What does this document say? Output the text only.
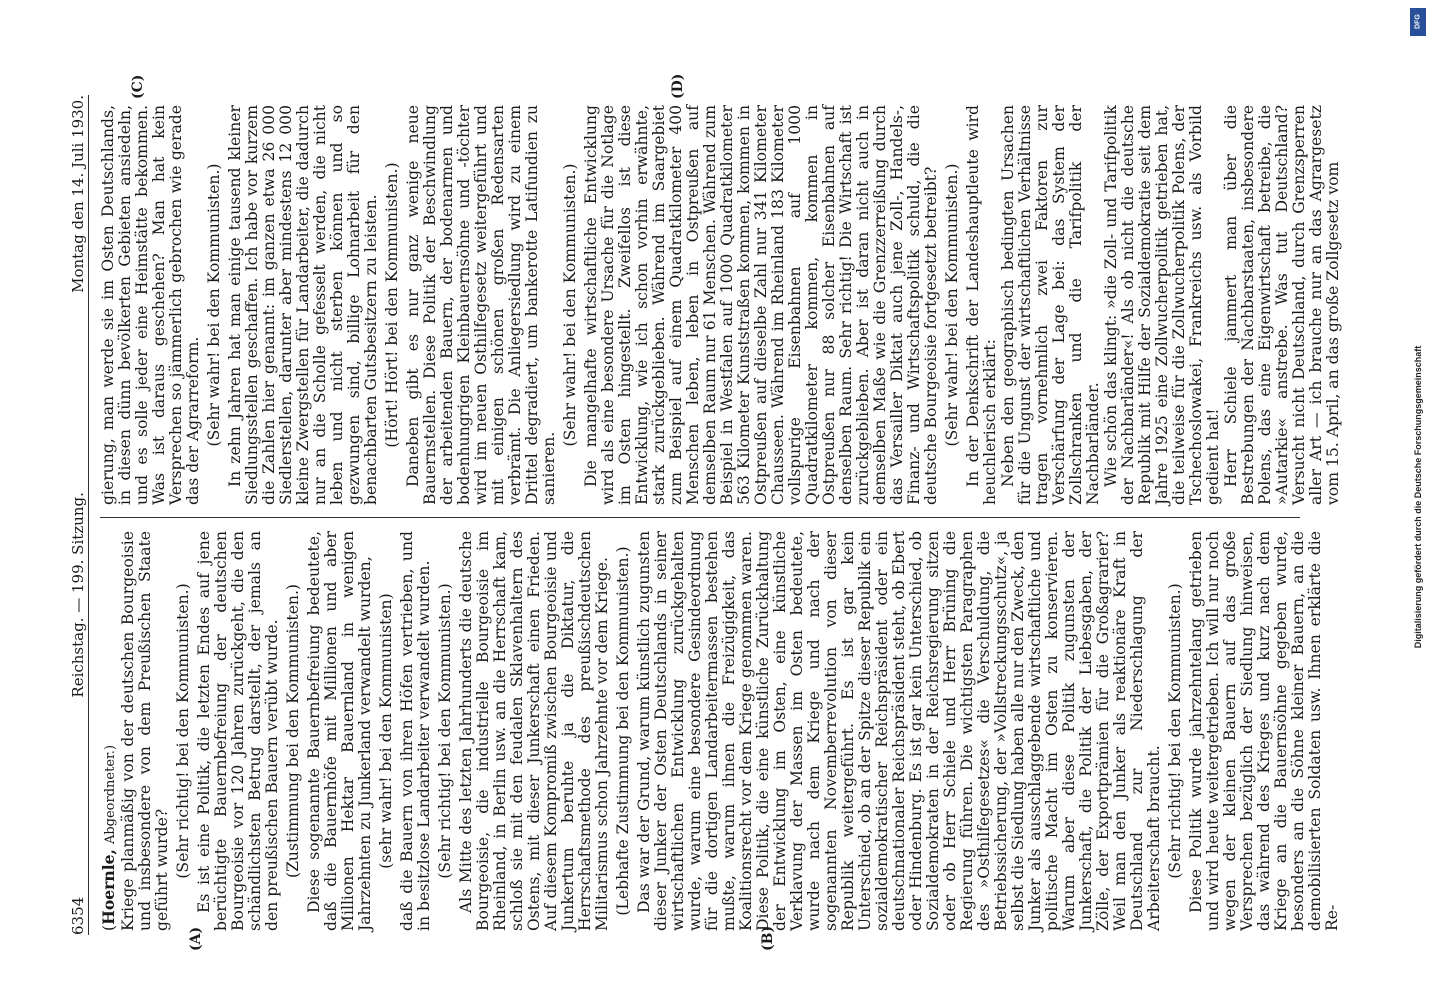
6354
Reichstag. — 199. Sitzung.
Montag den 14. Juli 1930.
(A)	(B)
(C)	(D)

(Hoernle, Abgeordneter.) Kriege planmäßig von der deutschen Bourgeoisie und insbesondere von dem Preußischen Staate geführt wurde? (Sehr richtig! bei den Kommunisten.) Es ist eine Politik, die letzten Endes auf jene berüchtigte Bauernbefreiung der deutschen Bourgeoisie vor 120 Jahren zurückgeht, die den schändlichsten Betrug darstellt, der jemals an den preußischen Bauern verübt wurde. (Zustimmung bei den Kommunisten.) Diese sogenannte Bauernbefreiung bedeutete, daß die Bauernhöfe mit Millionen und aber Millionen Hektar Bauernland in wenigen Jahrzehnten zu Junkerland verwandelt wurden, (sehr wahr! bei den Kommunisten) daß die Bauern von ihren Höfen vertrieben, und in besitzlose Landarbeiter verwandelt wurden. (Sehr richtig! bei den Kommunisten.) Als Mitte des letzten Jahrhunderts die deutsche Bourgeoisie, die industrielle Bourgeoisie im Rheinland, in Berlin usw. an die Herrschaft kam, schloß sie mit den feudalen Sklavenhaltern des Ostens, mit dieser Junkerschaft einen Frieden. Auf diesem Kompromiß zwischen Bourgeoisie und Junkertum beruhte ja die Diktatur, die Herrschaftsmethode des preußischdeutschen Militarismus schon Jahrzehnte vor dem Kriege. (Lebhafte Zustimmung bei den Kommunisten.) Das war der Grund, warum künstlich zugunsten dieser Junker der Osten Deutschlands in seiner wirtschaftlichen Entwicklung zurückgehalten wurde, warum eine besondere Gesindeordnung für die dortigen Landarbeitermassen bestehen mußte, warum ihnen die Freizügigkeit, das Koalitionsrecht vor dem Kriege genommen waren. Diese Politik, die eine künstliche Zurückhaltung der Entwicklung im Osten, eine künstliche Verklavung der Massen im Osten bedeutete, wurde nach dem Kriege und nach der sogenannten Novemberrevolution von dieser Republik weitergeführt. Es ist gar kein Unterschied, ob an der Spitze dieser Republik ein sozialdemokratischer Reichspräsident oder ein deutschnationaler Reichspräsident steht, ob Ebert oder Hindenburg. Es ist gar kein Unterschied, ob Sozialdemokraten in der Reichsregierung sitzen oder ob Herr Schiele und Herr Brüning die Regierung führen. Die wichtigsten Paragraphen des »Osthilfegesetzes« die Verschuldung, die Betriebssicherung, der »Vollstreckungsschutz«, ja selbst die Siedlung haben alle nur den Zweck, den Junker als ausschlaggebende wirtschaftliche und politische Macht im Osten zu konservieren. Warum aber diese Politik zugunsten der Junkerschaft, die Politik der Liebesgaben, der Zölle, der Exportprämien für die Großagrarier? Weil man den Junker als reaktionäre Kraft in Deutschland zur Niederschlagung der Arbeiterschaft braucht. (Sehr richtig! bei den Kommunisten.) Diese Politik wurde jahrzehntelang getrieben und wird heute weitergetrieben. Ich will nur noch wegen der kleinen Bauern auf das große Versprechen bezüglich der Siedlung hinweisen, das während des Krieges und kurz nach dem Kriege an die Bauernsöhne gegeben wurde, besonders an die Söhne kleiner Bauern, an die demobilisierten Soldaten usw. Ihnen erklärte die Re-

gierung, man werde sie im Osten Deutschlands, in diesen dünn bevölkerten Gebieten ansiedeln, und es solle jeder eine Heimstätte bekommen. Was ist daraus geschehen? Man hat kein Versprechen so jämmerlich gebrochen wie gerade das der Agrarreform. (Sehr wahr! bei den Kommunisten.) In zehn Jahren hat man einige tausend kleiner Siedlungsstellen geschaffen. Ich habe vor kurzem die Zahlen hier genannt: im ganzen etwa 26 000 Siedlerstellen, darunter aber mindestens 12 000 kleine Zwergstellen für Landarbeiter, die dadurch nur an die Scholle gefesselt werden, die nicht leben und nicht sterben können und so gezwungen sind, billige Lohnarbeit für den benachbarten Gutsbesitzern zu leisten. (Hört! Hört! bei den Kommunisten.) Daneben gibt es nur ganz wenige neue Bauernstellen. Diese Politik der Beschwindlung der arbeitenden Bauern, der bodenarmen und bodenhungrigen Kleinbauernsöhne und -töchter wird im neuen Osthilfegesetz weitergeführt und mit einigen schönen großen Redensarten verbrämt. Die Anliegersiedlung wird zu einem Drittel degradiert, um bankerotte Latifundien zu sanieren.

(Sehr wahr! bei den Kommunisten.) Die mangelhafte wirtschaftliche Entwicklung wird als eine besondere Ursache für die Notlage im Osten hingestellt. Zweifellos ist diese Entwicklung, wie ich schon vorhin erwähnte, stark zurückgeblieben. Während im Saargebiet zum Beispiel auf einem Quadratkilometer 400 Menschen leben, leben in Ostpreußen auf demselben Raum nur 61 Menschen. Während zum Beispiel in Westfalen auf 1000 Quadratkilometer 563 Kilometer Kunststraßen kommen, kommen in Ostpreußen auf dieselbe Zahl nur 341 Kilometer Chausseen. Während im Rheinland 183 Kilometer vollspurige Eisenbahnen auf 1000 Quadratkilometer kommen, kommen in Ostpreußen nur 88 solcher Eisenbahnen auf denselben Raum. Sehr richtig! Die Wirtschaft ist zurückgeblieben. Aber ist daran nicht auch in demselben Maße wie die Grenzzerreißung durch das Versailler Diktat auch jene Zoll-, Handels-, Finanz- und Wirtschaftspolitik schuld, die die deutsche Bourgeoisie fortgesetzt betreibt? (Sehr wahr! bei den Kommunisten.) In der Denkschrift der Landeshauptleute wird heuchlerisch erklärt: Neben den geographisch bedingten Ursachen für die Ungunst der wirtschaftlichen Verhältnisse tragen vornehmlich zwei Faktoren zur Verschärfung der Lage bei: das System der Zollschranken und die Tarifpolitik der Nachbarländer. Wie schön das klingt: »die Zoll- und Tarifpolitik der Nachbarländer«! Als ob nicht die deutsche Republik mit Hilfe der Sozialdemokratie seit dem Jahre 1925 eine Zollwucherpolitik getrieben hat, die teilweise für die Zollwucherpolitik Polens, der Tschechoslowakei, Frankreichs usw. als Vorbild gedient hat! Herr Schiele jammert man über die Bestrebungen der Nachbarstaaten, insbesondere Polens, das eine Eigenwirtschaft betreibe, die »Autarkie« anstrebe. Was tut Deutschland? Versucht nicht Deutschland, durch Grenzsperren aller Art — ich brauche nur an das Agrargesetz vom 15. April, an das große Zollgesetz vom

DFG
Digitalisierung gefördert durch die Deutsche Forschungsgemeinschaft
